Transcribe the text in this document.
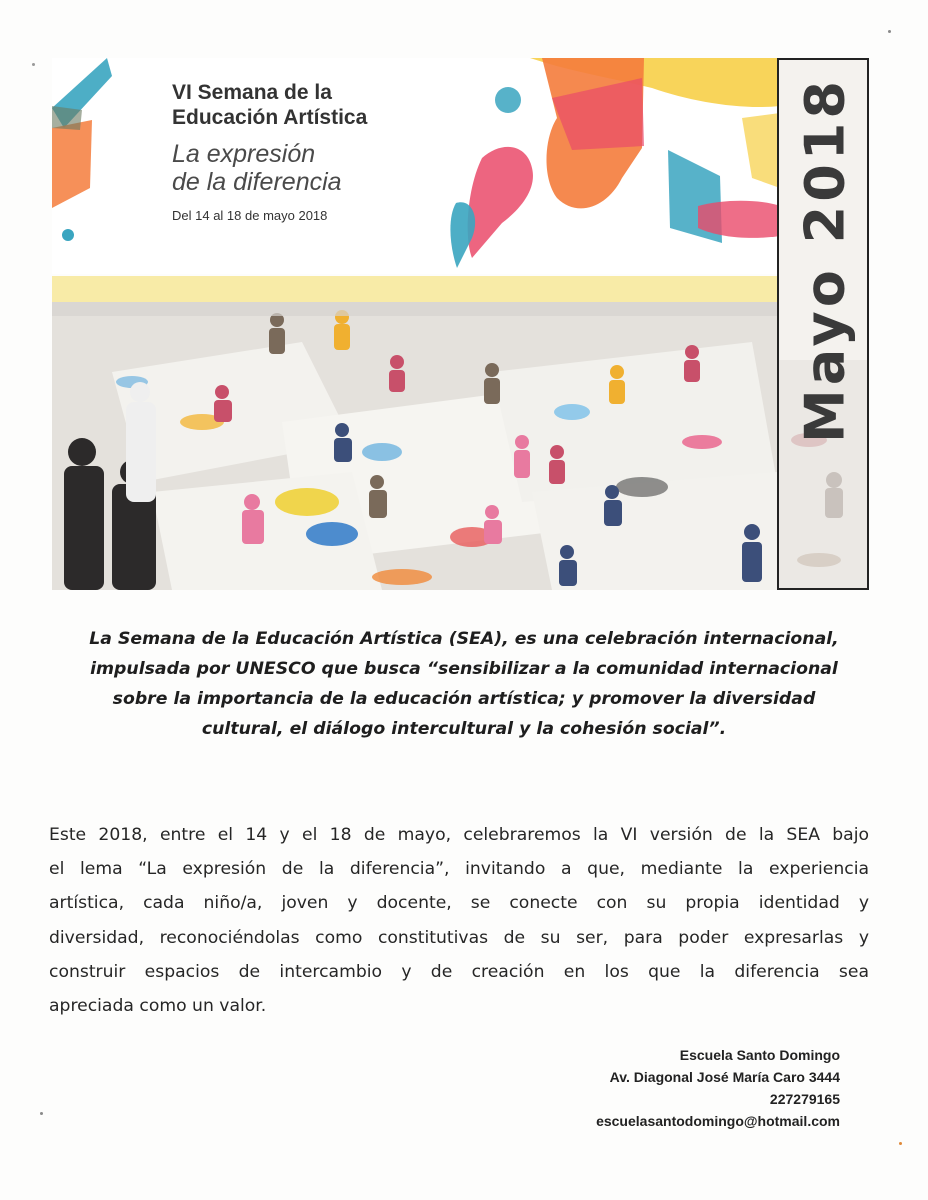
VI Semana de la
Educación Artística
La expresión
de la diferencia
Del 14 al 18 de mayo 2018	Mayo 2018
La Semana de la Educación Artística (SEA), es una celebración internacional,
impulsada por UNESCO que busca “sensibilizar a la comunidad internacional
sobre la importancia de la educación artística; y promover la diversidad
cultural, el diálogo intercultural y la cohesión social”.
Este 2018, entre el 14 y el 18 de mayo, celebraremos la VI versión de la SEA bajo
el lema “La expresión de la diferencia”, invitando a que, mediante la experiencia
artística, cada niño/a, joven y docente, se conecte con su propia identidad y
diversidad, reconociéndolas como constitutivas de su ser, para poder expresarlas y
construir espacios de intercambio y de creación en los que la diferencia sea
apreciada como un valor.
Escuela Santo Domingo
Av. Diagonal José María Caro 3444
227279165
escuelasantodomingo@hotmail.com
